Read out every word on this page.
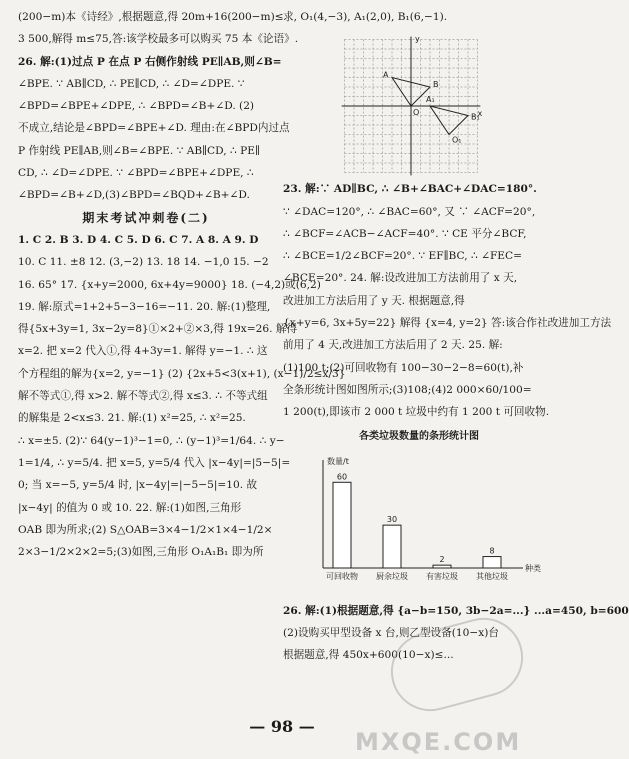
(200−m)本《诗经》,根据题意,得 20m+16(200−m)≤
3 500,解得 m≤75,答:该学校最多可以购买 75 本《论语》.
26. 解:(1)过点 P 在点 P 右侧作射线 PE∥AB,则∠B=
∠BPE. ∵ AB∥CD, ∴ PE∥CD, ∴ ∠D=∠DPE. ∵
∠BPD=∠BPE+∠DPE, ∴ ∠BPD=∠B+∠D. (2)
不成立,结论是∠BPD=∠BPE+∠D. 理由:在∠BPD内过点
P 作射线 PE∥AB,则∠B=∠BPE. ∵ AB∥CD, ∴ PE∥
CD, ∴ ∠D=∠DPE. ∵ ∠BPD=∠BPE+∠DPE, ∴
∠BPD=∠B+∠D,(3)∠BPD=∠BQD+∠B+∠D.
期末考试冲刺卷(二)
1. C 2. B 3. D 4. C 5. D 6. C 7. A 8. A 9. D
10. C 11. ±8 12. (3,−2) 13. 18 14. −1,0 15. −2
16. 65° 17. {x+y=2000, 6x+4y=9000} 18. (−4,2)或(6,2)
19. 解:原式=1+2+5−3−16=−11. 20. 解:(1)整理,
得{5x+3y=1, 3x−2y=8}①×2+②×3,得 19x=26. 解得
x=2. 把 x=2 代入①,得 4+3y=1. 解得 y=−1. ∴ 这
个方程组的解为{x=2, y=−1} (2) {2x+5<3(x+1), (x−1)/2≤x/3}
解不等式①,得 x>2. 解不等式②,得 x≤3. ∴ 不等式组
的解集是 2<x≤3. 21. 解:(1) x²=25, ∴ x²=25.
∴ x=±5. (2)∵ 64(y−1)³−1=0, ∴ (y−1)³=1/64. ∴ y−
1=1/4, ∴ y=5/4. 把 x=5, y=5/4 代入 |x−4y|=|5−5|=
0; 当 x=−5, y=5/4 时, |x−4y|=|−5−5|=10. 故
|x−4y| 的值为 0 或 10. 22. 解:(1)如图,三角形
OAB 即为所求;(2) S△OAB=3×4−1/2×1×4−1/2×
2×3−1/2×2×2=5;(3)如图,三角形 O₁A₁B₁ 即为所
求, O₁(4,−3), A₁(2,0), B₁(6,−1).
y
x
A
B
O
A₁
B₁
O₁
23. 解:∵ AD∥BC, ∴ ∠B+∠BAC+∠DAC=180°.
∵ ∠DAC=120°, ∴ ∠BAC=60°, 又 ∵ ∠ACF=20°,
∴ ∠BCF=∠ACB−∠ACF=40°. ∵ CE 平分∠BCF,
∴ ∠BCE=1/2∠BCF=20°. ∵ EF∥BC, ∴ ∠FEC=
∠BCE=20°. 24. 解:设改进加工方法前用了 x 天,
改进加工方法后用了 y 天. 根据题意,得
{x+y=6, 3x+5y=22} 解得 {x=4, y=2} 答:该合作社改进加工方法
前用了 4 天,改进加工方法后用了 2 天. 25. 解:
(1)100 t;(2)可回收物有 100−30−2−8=60(t),补
全条形统计图如图所示;(3)108;(4)2 000×60/100=
1 200(t),即该市 2 000 t 垃圾中约有 1 200 t 可回收物.
各类垃圾数量的条形统计图
数量/t
种类
60
可回收物
30
厨余垃圾
2
有害垃圾
8
其他垃圾
26. 解:(1)根据题意,得 {a−b=150, 3b−2a=...} ...a=450, b=600
(2)设购买甲型设备 x 台,则乙型设备(10−x)台
根据题意,得 450x+600(10−x)≤...
— 98 —
MXQE.COM
